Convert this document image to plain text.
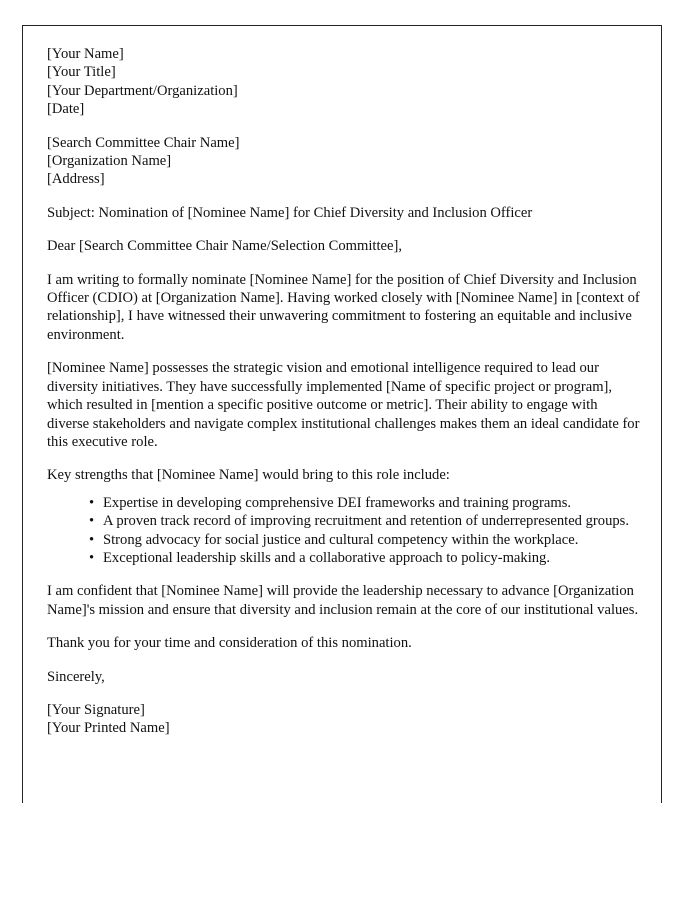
[Your Name]
[Your Title]
[Your Department/Organization]
[Date]
[Search Committee Chair Name]
[Organization Name]
[Address]

Subject: Nomination of [Nominee Name] for Chief Diversity and Inclusion Officer

Dear [Search Committee Chair Name/Selection Committee],

I am writing to formally nominate [Nominee Name] for the position of Chief Diversity and Inclusion Officer (CDIO) at [Organization Name]. Having worked closely with [Nominee Name] in [context of relationship], I have witnessed their unwavering commitment to fostering an equitable and inclusive environment.

[Nominee Name] possesses the strategic vision and emotional intelligence required to lead our diversity initiatives. They have successfully implemented [Name of specific project or program], which resulted in [mention a specific positive outcome or metric]. Their ability to engage with diverse stakeholders and navigate complex institutional challenges makes them an ideal candidate for this executive role.

Key strengths that [Nominee Name] would bring to this role include:

• Expertise in developing comprehensive DEI frameworks and training programs.
• A proven track record of improving recruitment and retention of underrepresented groups.
• Strong advocacy for social justice and cultural competency within the workplace.
• Exceptional leadership skills and a collaborative approach to policy-making.

I am confident that [Nominee Name] will provide the leadership necessary to advance [Organization Name]'s mission and ensure that diversity and inclusion remain at the core of our institutional values.

Thank you for your time and consideration of this nomination.

Sincerely,

[Your Signature]
[Your Printed Name]
